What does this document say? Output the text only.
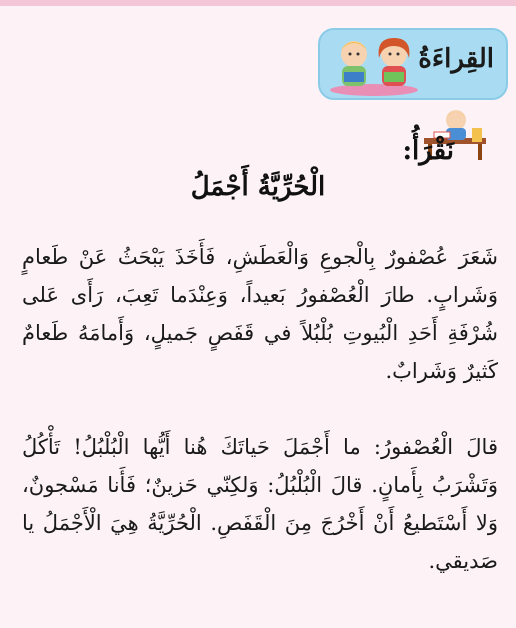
القِراءَةُ
نَقْرَأُ:
الْحُرِّيَّةُ أَجْمَلُ
شَعَرَ عُصْفورٌ بِالْجوعِ وَالْعَطَشِ، فَأَخَذَ يَبْحَثُ عَنْ طَعامٍ وَشَرابٍ. طارَ الْعُصْفورُ بَعيداً، وَعِنْدَما تَعِبَ، رَأَى عَلى شُرْفَةِ أَحَدِ الْبُيوتِ بُلْبُلاً في قَفَصٍ جَميلٍ، وَأَمامَهُ طَعامٌ كَثيرٌ وَشَرابٌ.
قالَ الْعُصْفورُ: ما أَجْمَلَ حَياتَكَ هُنا أَيُّها الْبُلْبُلُ! تَأْكُلُ وَتَشْرَبُ بِأَمانٍ. قالَ الْبُلْبُلُ: وَلكِنّي حَزينٌ؛ فَأَنا مَسْجونٌ، وَلا أَسْتَطيعُ أَنْ أَخْرُجَ مِنَ الْقَفَصِ. الْحُرِّيَّةُ هِيَ الْأَجْمَلُ يا صَديقي.
